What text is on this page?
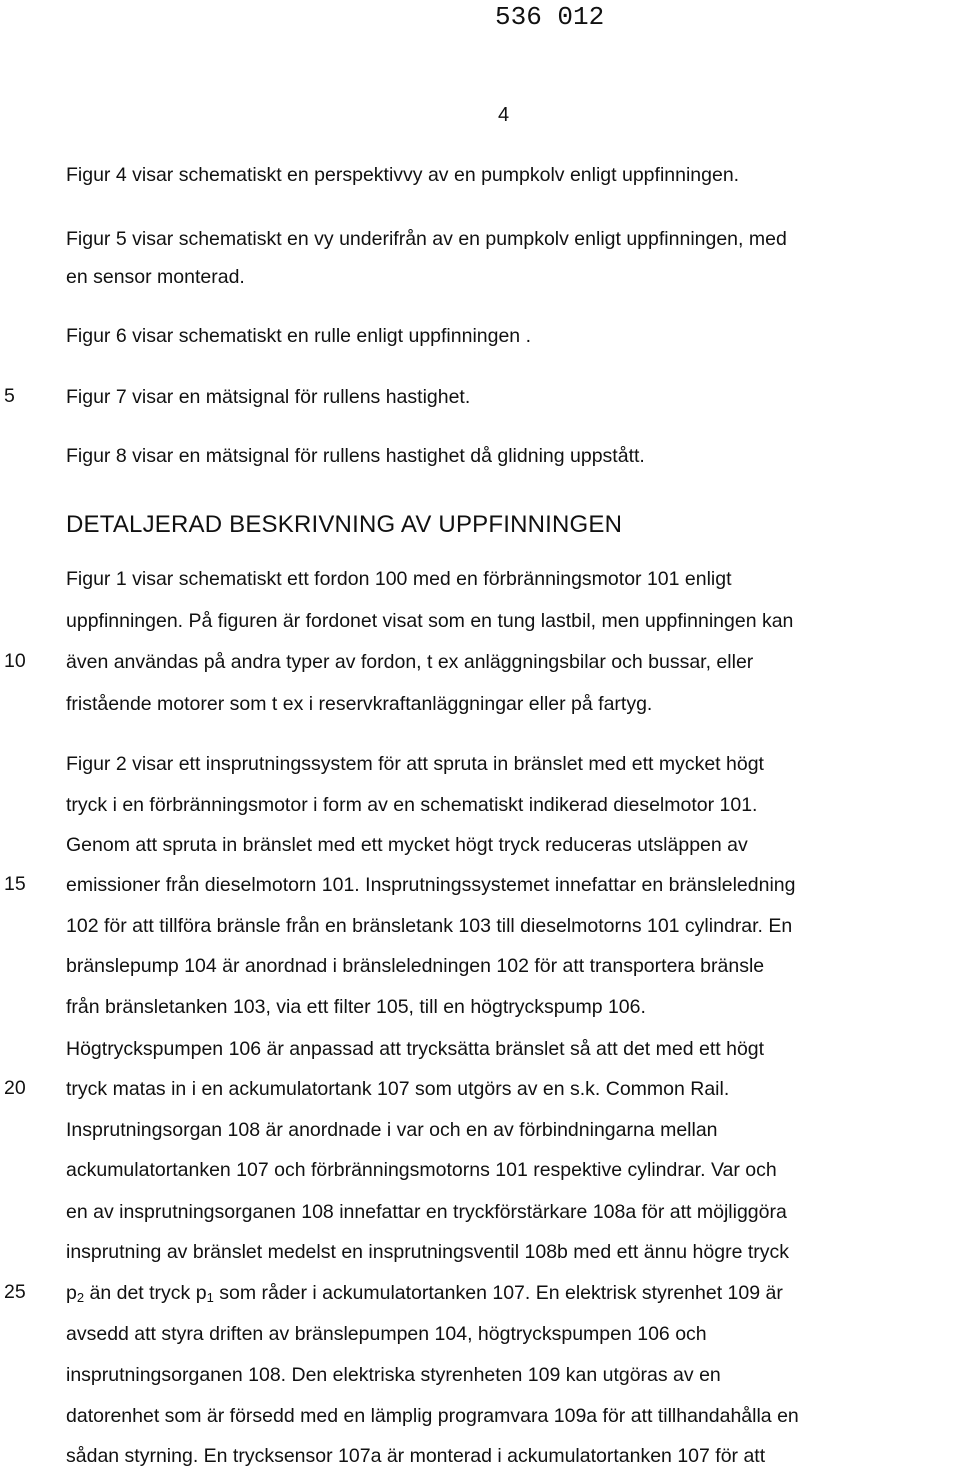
536 012

4

Figur 4 visar schematiskt en perspektivvy av en pumpkolv enligt uppfinningen.

Figur 5 visar schematiskt en vy underifrån av en pumpkolv enligt uppfinningen, med

en sensor monterad.

Figur 6 visar schematiskt en rulle enligt uppfinningen .

5	Figur 7 visar en mätsignal för rullens hastighet.

Figur 8 visar en mätsignal för rullens hastighet då glidning uppstått.

DETALJERAD BESKRIVNING AV UPPFINNINGEN

Figur 1 visar schematiskt ett fordon 100 med en förbränningsmotor 101 enligt

uppfinningen. På figuren är fordonet visat som en tung lastbil, men uppfinningen kan

10 även användas på andra typer av fordon, t ex anläggningsbilar och bussar, eller

fristående motorer som t ex i reservkraftanläggningar eller på fartyg.

Figur 2 visar ett insprutningssystem för att spruta in bränslet med ett mycket högt

tryck i en förbränningsmotor i form av en schematiskt indikerad dieselmotor 101.

Genom att spruta in bränslet med ett mycket högt tryck reduceras utsläppen av

15 emissioner från dieselmotorn 101. Insprutningssystemet innefattar en bränsleledning

102 för att tillföra bränsle från en bränsletank 103 till dieselmotorns 101 cylindrar. En

bränslepump 104 är anordnad i bränsleledningen 102 för att transportera bränsle

från bränsletanken 103, via ett filter 105, till en högtryckspump 106.

Högtryckspumpen 106 är anpassad att trycksätta bränslet så att det med ett högt

20 tryck matas in i en ackumulatortank 107 som utgörs av en s.k. Common Rail.

Insprutningsorgan 108 är anordnade i var och en av förbindningarna mellan

ackumulatortanken 107 och förbränningsmotorns 101 respektive cylindrar. Var och

en av insprutningsorganen 108 innefattar en tryckförstärkare 108a för att möjliggöra

insprutning av bränslet medelst en insprutningsventil 108b med ett ännu högre tryck

25 $p_2$ än det tryck $p_1$ som råder i ackumulatortanken 107. En elektrisk styrenhet 109 är

avsedd att styra driften av bränslepumpen 104, högtryckspumpen 106 och

insprutningsorganen 108. Den elektriska styrenheten 109 kan utgöras av en

datorenhet som är försedd med en lämplig programvara 109a för att tillhandahålla en

sådan styrning. En trycksensor 107a är monterad i ackumulatortanken 107 för att
